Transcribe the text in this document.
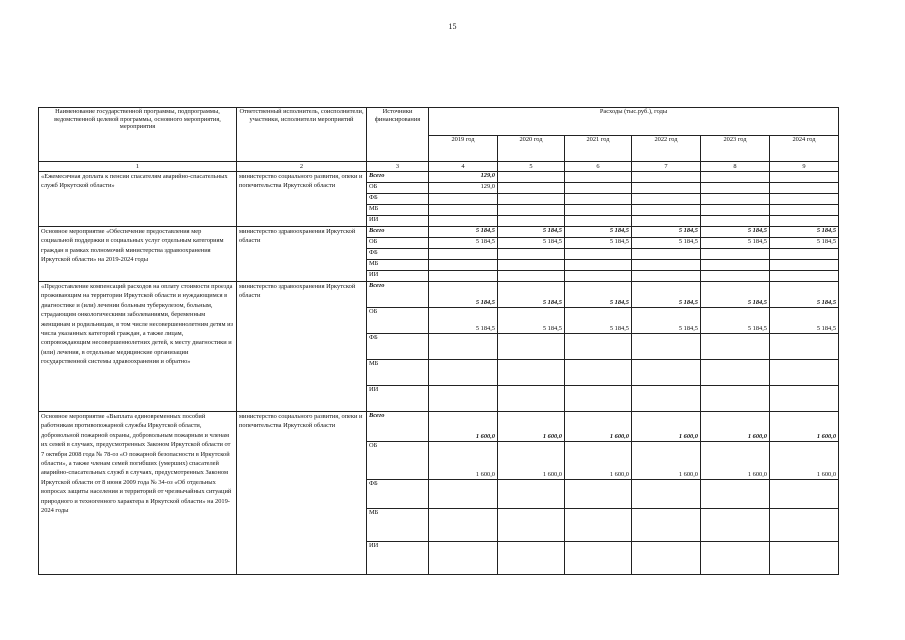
15
Наименование государственной программы, подпрограммы, ведомственной целевой программы, основного мероприятия, мероприятия	Ответственный исполнитель, соисполнители, участники, исполнители мероприятий	Источники финансирования	Расходы (тыс.руб.), годы					
			2019 год	2020 год	2021 год	2022 год	2023 год	2024 год
1	2	3	4	5	6	7	8	9
«Ежемесячная доплата к пенсии спасателям аварийно-спасательных служб Иркутской области»	министерство социального развития, опеки и попечительства Иркутской области	Всего	129,0					
		ОБ	129,0					
		ФБ						
		МБ						
		ИИ						
Основное мероприятие «Обеспечение предоставления мер социальной поддержки в социальных услуг отдельным категориям граждан в рамках полномочий министерства здравоохранения Иркутской области» на 2019-2024 годы	министерство здравоохранения Иркутской области	Всего	5 184,5	5 184,5	5 184,5	5 184,5	5 184,5	5 184,5
		ОБ	5 184,5	5 184,5	5 184,5	5 184,5	5 184,5	5 184,5
		ФБ						
		МБ						
		ИИ						
«Предоставление компенсаций расходов на оплату стоимости проезда проживающим на территории Иркутской области и нуждающимся в диагностике и (или) лечении больным туберкулезом, больным, страдающим онкологическими заболеваниями, беременным женщинам и родильницам, в том числе несовершеннолетним детям из числа указанных категорий граждан, а также лицам, сопровождающим несовершеннолетних детей, к месту диагностики и (или) лечения, в отдельные медицинские организации государственной системы здравоохранения и обратно»	министерство здравоохранения Иркутской области	Всего	5 184,5	5 184,5	5 184,5	5 184,5	5 184,5	5 184,5
		ОБ	5 184,5	5 184,5	5 184,5	5 184,5	5 184,5	5 184,5
		ФБ						
		МБ						
		ИИ						
Основное мероприятие «Выплата единовременных пособий работникам противопожарной службы Иркутской области, добровольной пожарной охраны, добровольным пожарным и членам их семей в случаях, предусмотренных Законом Иркутской области от 7 октября 2008 года № 78-оз «О пожарной безопасности в Иркутской области», а также членам семей погибших (умерших) спасателей аварийно-спасательных служб в случаях, предусмотренных Законом Иркутской области от 8 июня 2009 года № 34-оз «Об отдельных вопросах защиты населения и территорий от чрезвычайных ситуаций природного и техногенного характера в Иркутской области» на 2019-2024 годы	министерство социального развития, опеки и попечительства Иркутской области	Всего	1 600,0	1 600,0	1 600,0	1 600,0	1 600,0	1 600,0
		ОБ	1 600,0	1 600,0	1 600,0	1 600,0	1 600,0	1 600,0
		ФБ						
		МБ						
		ИИ						
